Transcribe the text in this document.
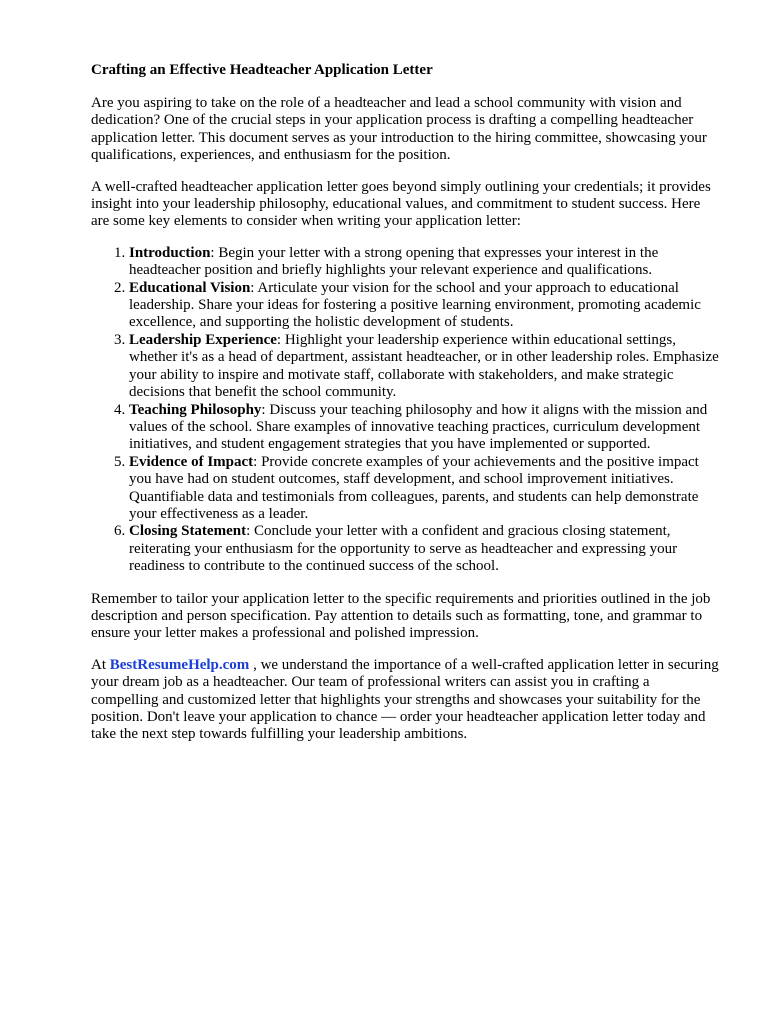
Crafting an Effective Headteacher Application Letter

Are you aspiring to take on the role of a headteacher and lead a school community with vision and dedication? One of the crucial steps in your application process is drafting a compelling headteacher application letter. This document serves as your introduction to the hiring committee, showcasing your qualifications, experiences, and enthusiasm for the position.

A well-crafted headteacher application letter goes beyond simply outlining your credentials; it provides insight into your leadership philosophy, educational values, and commitment to student success. Here are some key elements to consider when writing your application letter:

1. Introduction: Begin your letter with a strong opening that expresses your interest in the headteacher position and briefly highlights your relevant experience and qualifications.
2. Educational Vision: Articulate your vision for the school and your approach to educational leadership. Share your ideas for fostering a positive learning environment, promoting academic excellence, and supporting the holistic development of students.
3. Leadership Experience: Highlight your leadership experience within educational settings, whether it's as a head of department, assistant headteacher, or in other leadership roles. Emphasize your ability to inspire and motivate staff, collaborate with stakeholders, and make strategic decisions that benefit the school community.
4. Teaching Philosophy: Discuss your teaching philosophy and how it aligns with the mission and values of the school. Share examples of innovative teaching practices, curriculum development initiatives, and student engagement strategies that you have implemented or supported.
5. Evidence of Impact: Provide concrete examples of your achievements and the positive impact you have had on student outcomes, staff development, and school improvement initiatives. Quantifiable data and testimonials from colleagues, parents, and students can help demonstrate your effectiveness as a leader.
6. Closing Statement: Conclude your letter with a confident and gracious closing statement, reiterating your enthusiasm for the opportunity to serve as headteacher and expressing your readiness to contribute to the continued success of the school.

Remember to tailor your application letter to the specific requirements and priorities outlined in the job description and person specification. Pay attention to details such as formatting, tone, and grammar to ensure your letter makes a professional and polished impression.

At BestResumeHelp.com , we understand the importance of a well-crafted application letter in securing your dream job as a headteacher. Our team of professional writers can assist you in crafting a compelling and customized letter that highlights your strengths and showcases your suitability for the position. Don't leave your application to chance — order your headteacher application letter today and take the next step towards fulfilling your leadership ambitions.
